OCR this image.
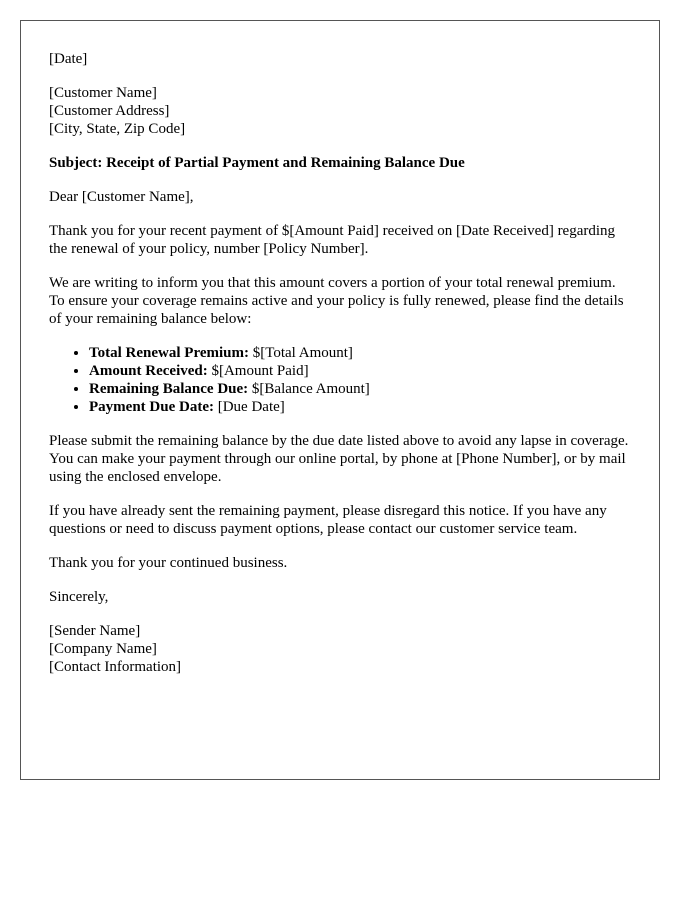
[Date]
[Customer Name]
[Customer Address]
[City, State, Zip Code]
Subject: Receipt of Partial Payment and Remaining Balance Due
Dear [Customer Name],
Thank you for your recent payment of $[Amount Paid] received on [Date Received] regarding the renewal of your policy, number [Policy Number].
We are writing to inform you that this amount covers a portion of your total renewal premium. To ensure your coverage remains active and your policy is fully renewed, please find the details of your remaining balance below:
• Total Renewal Premium: $[Total Amount]
• Amount Received: $[Amount Paid]
• Remaining Balance Due: $[Balance Amount]
• Payment Due Date: [Due Date]
Please submit the remaining balance by the due date listed above to avoid any lapse in coverage. You can make your payment through our online portal, by phone at [Phone Number], or by mail using the enclosed envelope.
If you have already sent the remaining payment, please disregard this notice. If you have any questions or need to discuss payment options, please contact our customer service team.
Thank you for your continued business.
Sincerely,
[Sender Name]
[Company Name]
[Contact Information]
